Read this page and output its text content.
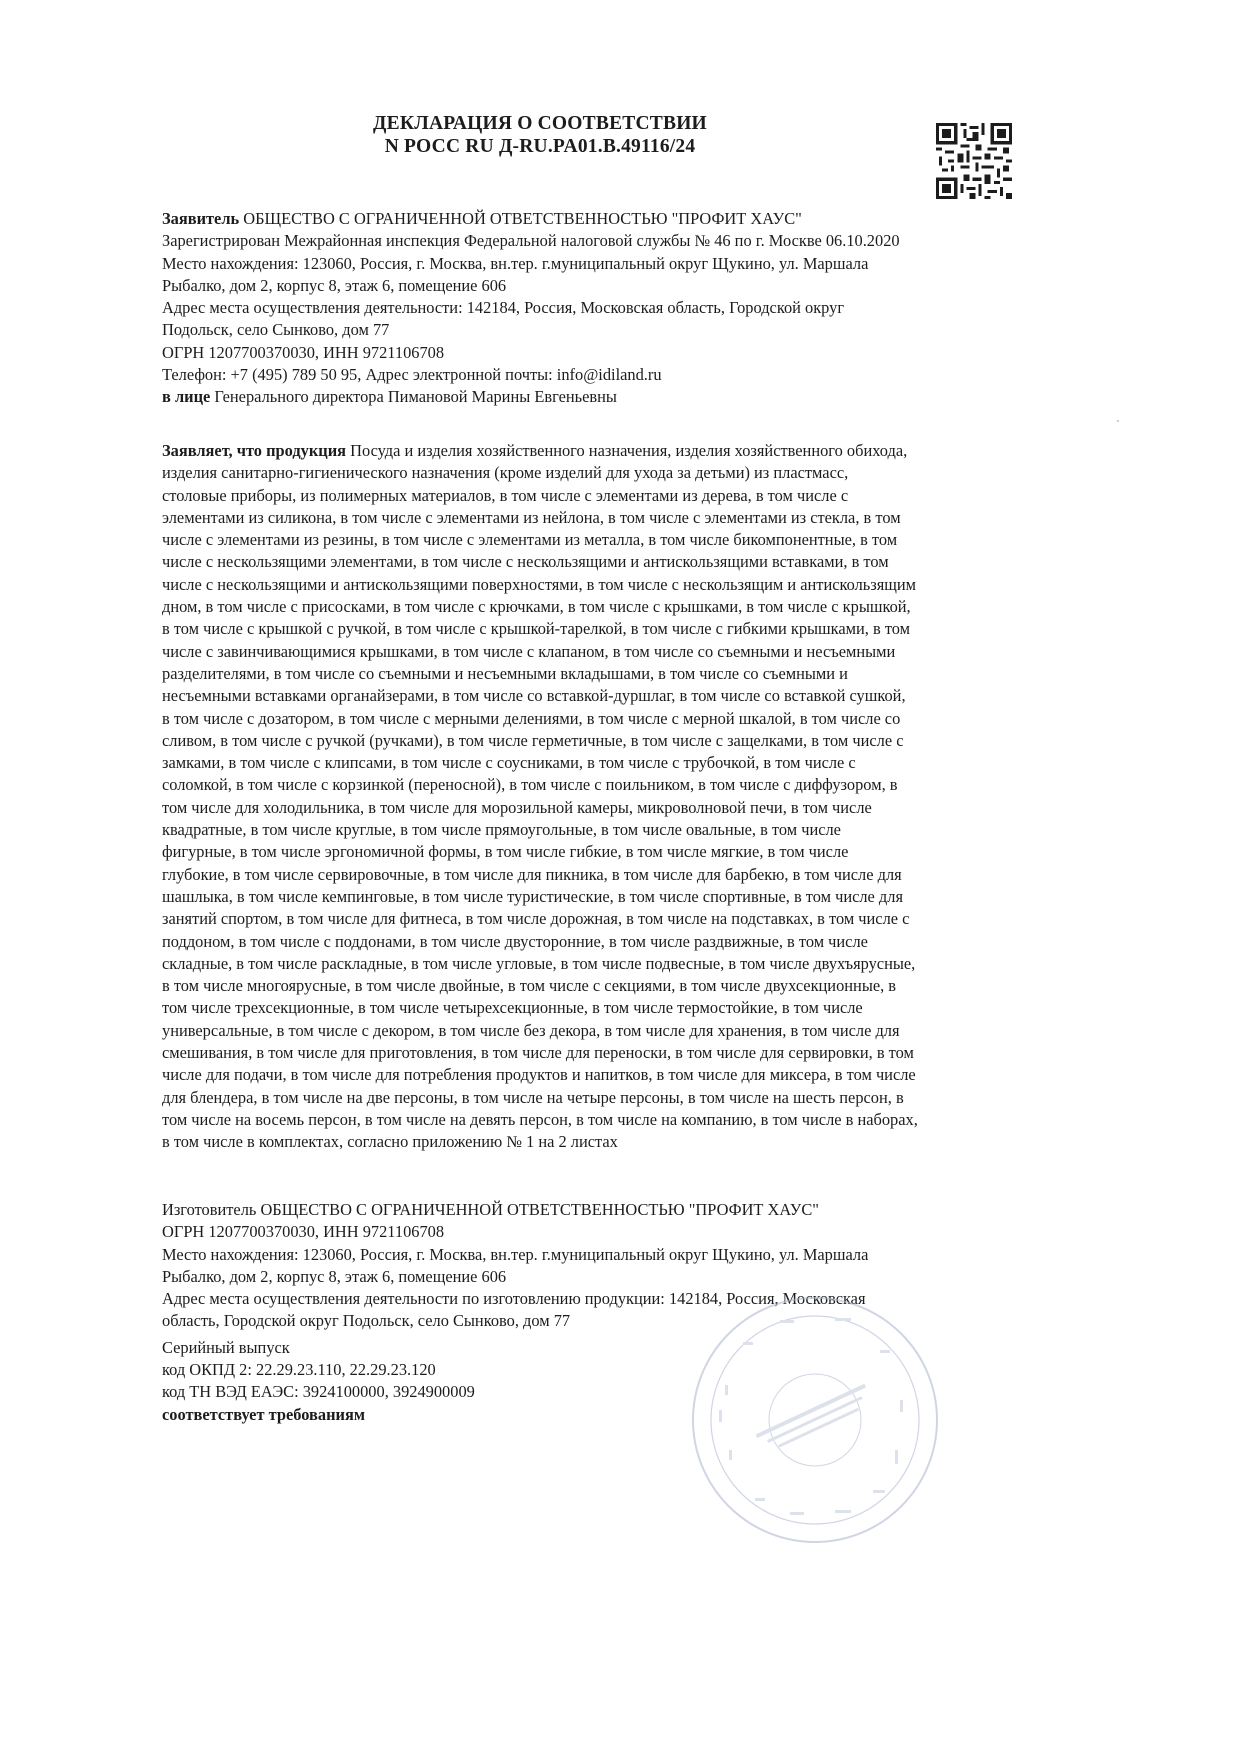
ДЕКЛАРАЦИЯ О СООТВЕТСТВИИ
N РОСС RU Д-RU.PA01.B.49116/24
Заявитель ОБЩЕСТВО С ОГРАНИЧЕННОЙ ОТВЕТСТВЕННОСТЬЮ "ПРОФИТ ХАУС"
Зарегистрирован Межрайонная инспекция Федеральной налоговой службы № 46 по г. Москве 06.10.2020
Место нахождения: 123060, Россия, г. Москва, вн.тер. г.муниципальный округ Щукино, ул. Маршала
Рыбалко, дом 2, корпус 8, этаж 6, помещение 606
Адрес места осуществления деятельности: 142184, Россия, Московская область, Городской округ
Подольск, село Сынково, дом 77
ОГРН 1207700370030, ИНН 9721106708
Телефон: +7 (495) 789 50 95, Адрес электронной почты: info@idiland.ru
в лице Генерального директора Пимановой Марины Евгеньевны
Заявляет, что продукция Посуда и изделия хозяйственного назначения, изделия хозяйственного обихода,
изделия санитарно-гигиенического назначения (кроме изделий для ухода за детьми) из пластмасс,
столовые приборы, из полимерных материалов, в том числе с элементами из дерева, в том числе с
элементами из силикона, в том числе с элементами из нейлона, в том числе с элементами из стекла, в том
числе с элементами из резины, в том числе с элементами из металла, в том числе бикомпонентные, в том
числе с нескользящими элементами, в том числе с нескользящими и антискользящими вставками, в том
числе с нескользящими и антискользящими поверхностями, в том числе с нескользящим и антискользящим
дном, в том числе с присосками, в том числе с крючками, в том числе с крышками, в том числе с крышкой,
в том числе с крышкой с ручкой, в том числе с крышкой-тарелкой, в том числе с гибкими крышками, в том
числе с завинчивающимися крышками, в том числе с клапаном, в том числе со съемными и несъемными
разделителями, в том числе со съемными и несъемными вкладышами, в том числе со съемными и
несъемными вставками органайзерами, в том числе со вставкой-дуршлаг, в том числе со вставкой сушкой,
в том числе с дозатором, в том числе с мерными делениями, в том числе с мерной шкалой, в том числе со
сливом, в том числе с ручкой (ручками), в том числе герметичные, в том числе с защелками, в том числе с
замками, в том числе с клипсами, в том числе с соусниками, в том числе с трубочкой, в том числе с
соломкой, в том числе с корзинкой (переносной), в том числе с поильником, в том числе с диффузором, в
том числе для холодильника, в том числе для морозильной камеры, микроволновой печи, в том числе
квадратные, в том числе круглые, в том числе прямоугольные, в том числе овальные, в том числе
фигурные, в том числе эргономичной формы, в том числе гибкие, в том числе мягкие, в том числе
глубокие, в том числе сервировочные, в том числе для пикника, в том числе для барбекю, в том числе для
шашлыка, в том числе кемпинговые, в том числе туристические, в том числе спортивные, в том числе для
занятий спортом, в том числе для фитнеса, в том числе дорожная, в том числе на подставках, в том числе с
поддоном, в том числе с поддонами, в том числе двусторонние, в том числе раздвижные, в том числе
складные, в том числе раскладные, в том числе угловые, в том числе подвесные, в том числе двухъярусные,
в том числе многоярусные, в том числе двойные, в том числе с секциями, в том числе двухсекционные, в
том числе трехсекционные, в том числе четырехсекционные, в том числе термостойкие, в том числе
универсальные, в том числе с декором, в том числе без декора, в том числе для хранения, в том числе для
смешивания, в том числе для приготовления, в том числе для переноски, в том числе для сервировки, в том
числе для подачи, в том числе для потребления продуктов и напитков, в том числе для миксера, в том числе
для блендера, в том числе на две персоны, в том числе на четыре персоны, в том числе на шесть персон, в
том числе на восемь персон, в том числе на девять персон, в том числе на компанию, в том числе в наборах,
в том числе в комплектах, согласно приложению № 1 на 2 листах
Изготовитель ОБЩЕСТВО С ОГРАНИЧЕННОЙ ОТВЕТСТВЕННОСТЬЮ "ПРОФИТ ХАУС"
ОГРН 1207700370030, ИНН 9721106708
Место нахождения: 123060, Россия, г. Москва, вн.тер. г.муниципальный округ Щукино, ул. Маршала
Рыбалко, дом 2, корпус 8, этаж 6, помещение 606
Адрес места осуществления деятельности по изготовлению продукции: 142184, Россия, Московская
область, Городской округ Подольск, село Сынково, дом 77
Серийный выпуск
код ОКПД 2: 22.29.23.110, 22.29.23.120
код ТН ВЭД ЕАЭС: 3924100000, 3924900009
соответствует требованиям
